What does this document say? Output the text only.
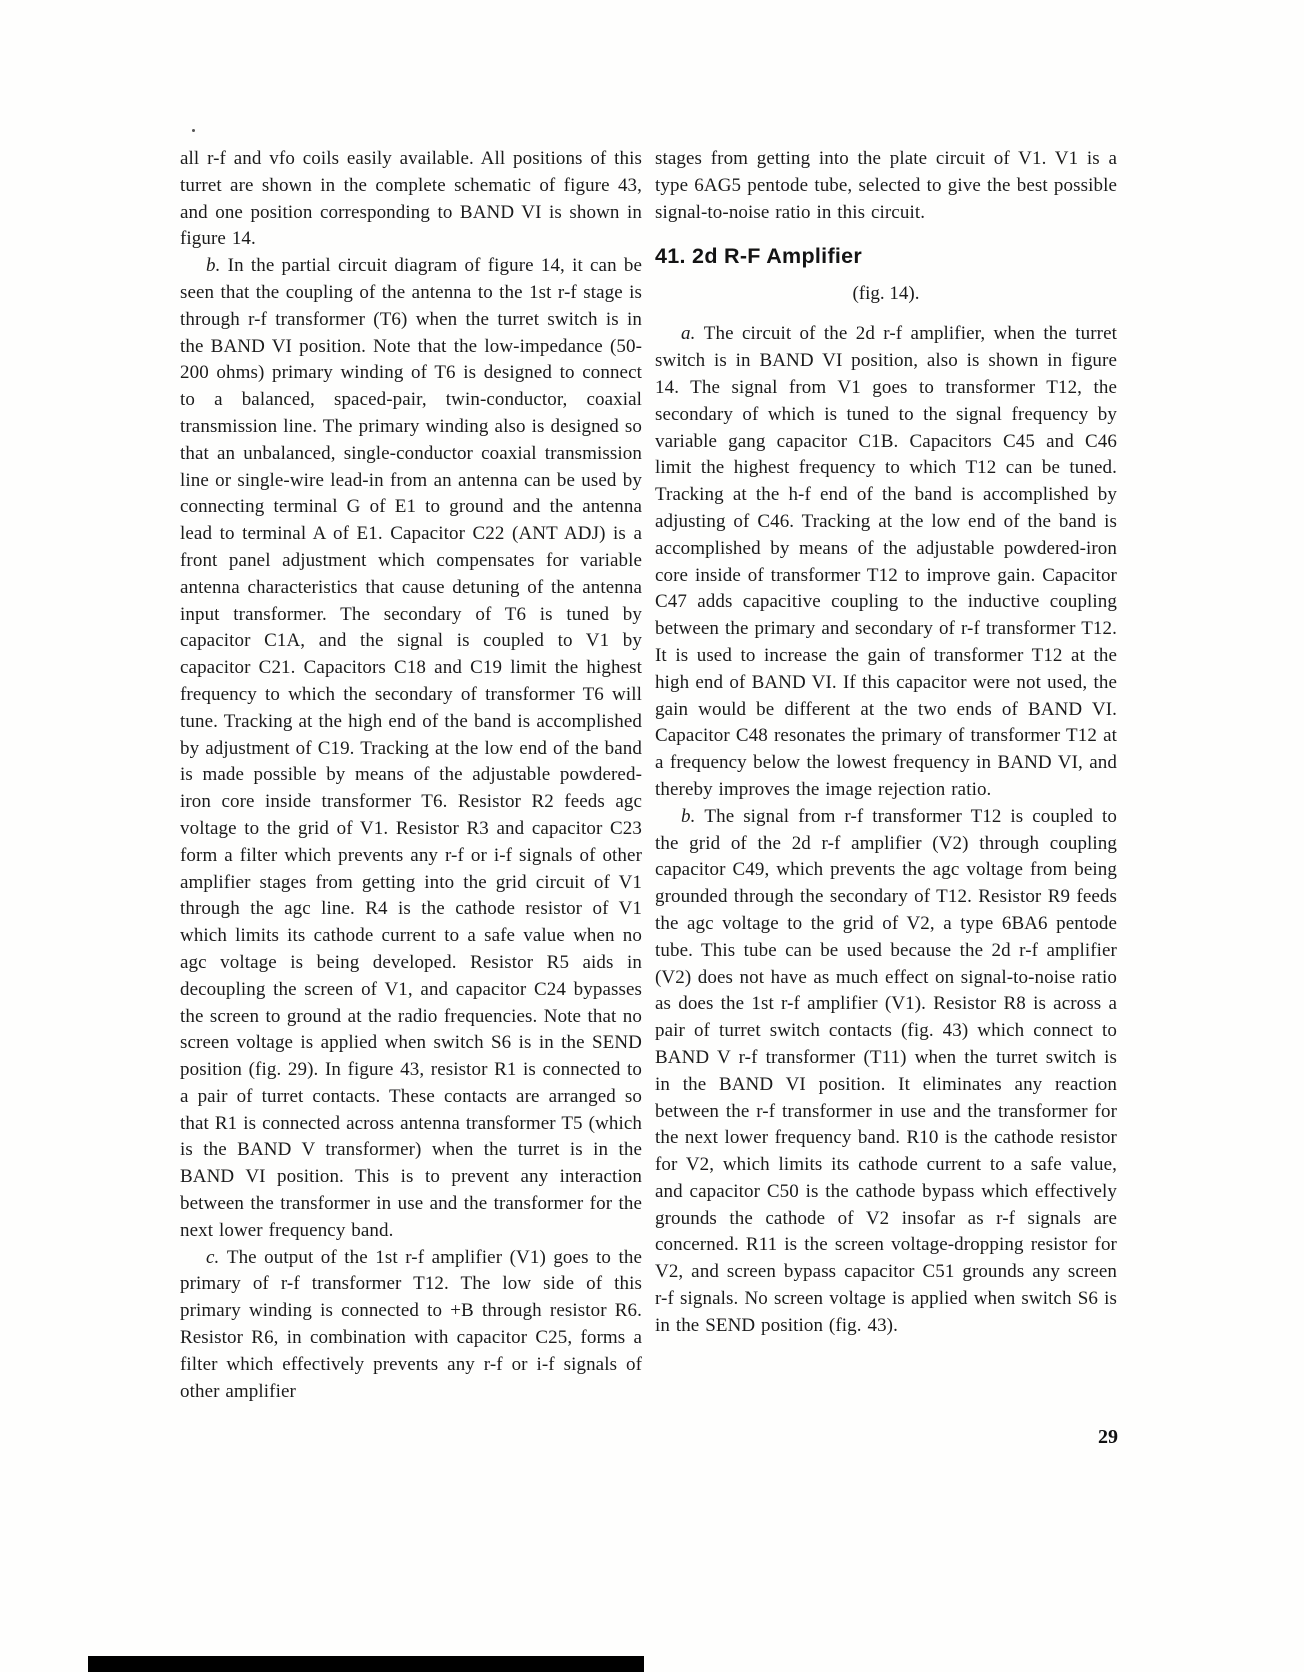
all r-f and vfo coils easily available. All positions of this turret are shown in the complete schematic of figure 43, and one position corresponding to BAND VI is shown in figure 14.

b. In the partial circuit diagram of figure 14, it can be seen that the coupling of the antenna to the 1st r-f stage is through r-f transformer (T6) when the turret switch is in the BAND VI position. Note that the low-impedance (50-200 ohms) primary winding of T6 is designed to connect to a balanced, spaced-pair, twin-conductor, coaxial transmission line. The primary winding also is designed so that an unbalanced, single-conductor coaxial transmission line or single-wire lead-in from an antenna can be used by connecting terminal G of E1 to ground and the antenna lead to terminal A of E1. Capacitor C22 (ANT ADJ) is a front panel adjustment which compensates for variable antenna characteristics that cause detuning of the antenna input transformer. The secondary of T6 is tuned by capacitor C1A, and the signal is coupled to V1 by capacitor C21. Capacitors C18 and C19 limit the highest frequency to which the secondary of transformer T6 will tune. Tracking at the high end of the band is accomplished by adjustment of C19. Tracking at the low end of the band is made possible by means of the adjustable powdered-iron core inside transformer T6. Resistor R2 feeds agc voltage to the grid of V1. Resistor R3 and capacitor C23 form a filter which prevents any r-f or i-f signals of other amplifier stages from getting into the grid circuit of V1 through the agc line. R4 is the cathode resistor of V1 which limits its cathode current to a safe value when no agc voltage is being developed. Resistor R5 aids in decoupling the screen of V1, and capacitor C24 bypasses the screen to ground at the radio frequencies. Note that no screen voltage is applied when switch S6 is in the SEND position (fig. 29). In figure 43, resistor R1 is connected to a pair of turret contacts. These contacts are arranged so that R1 is connected across antenna transformer T5 (which is the BAND V transformer) when the turret is in the BAND VI position. This is to prevent any interaction between the transformer in use and the transformer for the next lower frequency band.

c. The output of the 1st r-f amplifier (V1) goes to the primary of r-f transformer T12. The low side of this primary winding is connected to +B through resistor R6. Resistor R6, in combination with capacitor C25, forms a filter which effectively prevents any r-f or i-f signals of other amplifier

stages from getting into the plate circuit of V1. V1 is a type 6AG5 pentode tube, selected to give the best possible signal-to-noise ratio in this circuit.

41. 2d R-F Amplifier

(fig. 14).

a. The circuit of the 2d r-f amplifier, when the turret switch is in BAND VI position, also is shown in figure 14. The signal from V1 goes to transformer T12, the secondary of which is tuned to the signal frequency by variable gang capacitor C1B. Capacitors C45 and C46 limit the highest frequency to which T12 can be tuned. Tracking at the h-f end of the band is accomplished by adjusting of C46. Tracking at the low end of the band is accomplished by means of the adjustable powdered-iron core inside of transformer T12 to improve gain. Capacitor C47 adds capacitive coupling to the inductive coupling between the primary and secondary of r-f transformer T12. It is used to increase the gain of transformer T12 at the high end of BAND VI. If this capacitor were not used, the gain would be different at the two ends of BAND VI. Capacitor C48 resonates the primary of transformer T12 at a frequency below the lowest frequency in BAND VI, and thereby improves the image rejection ratio.

b. The signal from r-f transformer T12 is coupled to the grid of the 2d r-f amplifier (V2) through coupling capacitor C49, which prevents the agc voltage from being grounded through the secondary of T12. Resistor R9 feeds the agc voltage to the grid of V2, a type 6BA6 pentode tube. This tube can be used because the 2d r-f amplifier (V2) does not have as much effect on signal-to-noise ratio as does the 1st r-f amplifier (V1). Resistor R8 is across a pair of turret switch contacts (fig. 43) which connect to BAND V r-f transformer (T11) when the turret switch is in the BAND VI position. It eliminates any reaction between the r-f transformer in use and the transformer for the next lower frequency band. R10 is the cathode resistor for V2, which limits its cathode current to a safe value, and capacitor C50 is the cathode bypass which effectively grounds the cathode of V2 insofar as r-f signals are concerned. R11 is the screen voltage-dropping resistor for V2, and screen bypass capacitor C51 grounds any screen r-f signals. No screen voltage is applied when switch S6 is in the SEND position (fig. 43).

29
